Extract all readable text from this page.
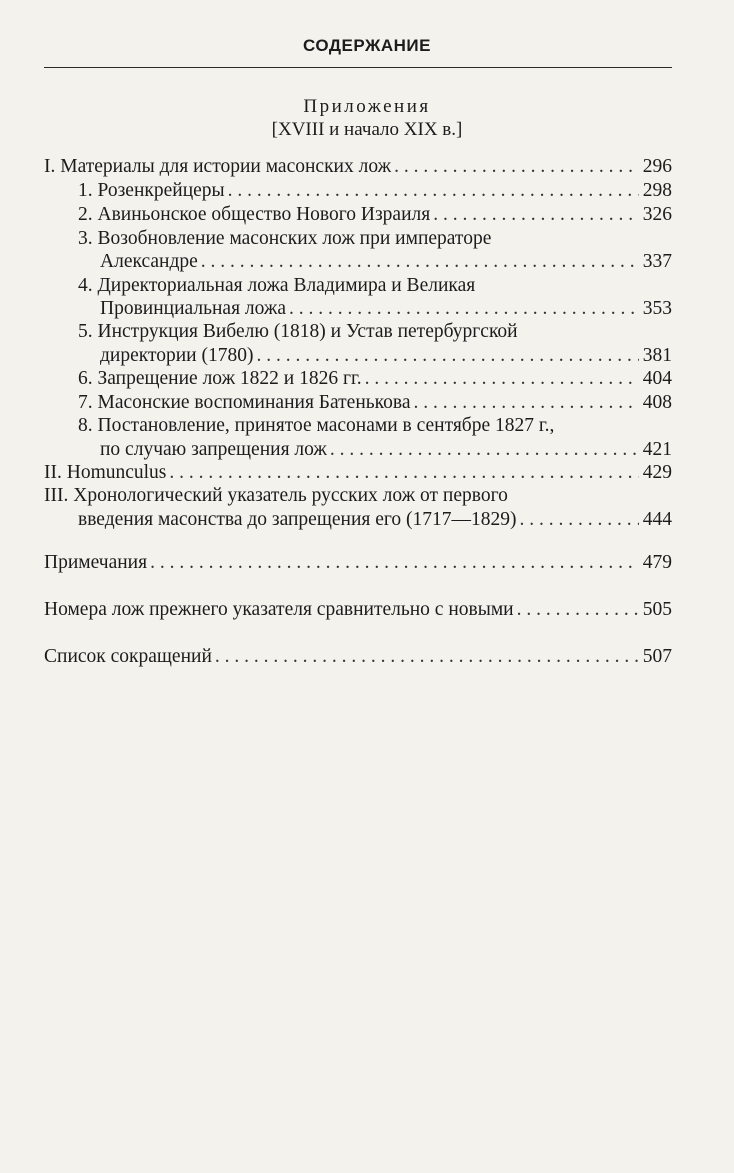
СОДЕРЖАНИЕ
Приложения
[XVIII и начало XIX в.]
I. Материалы для истории масонских лож . . .	296
1. Розенкрейцеры . . .	298
2. Авиньонское общество Нового Израиля . . .	326
3. Возобновление масонских лож при императоре
Александре . . .	337
4. Директориальная ложа Владимира и Великая
Провинциальная ложа . . .	353
5. Инструкция Вибелю (1818) и Устав петербургской
директории (1780) . . .	381
6. Запрещение лож 1822 и 1826 гг. . . .	404
7. Масонские воспоминания Батенькова . . .	408
8. Постановление, принятое масонами в сентябре 1827 г.,
по случаю запрещения лож . . .	421
II. Homunculus . . .	429
III. Хронологический указатель русских лож от первого
введения масонства до запрещения его (1717—1829) . . .	444
Примечания . . .	479
Номера лож прежнего указателя сравнительно с новыми . . .	505
Список сокращений . . .	507
